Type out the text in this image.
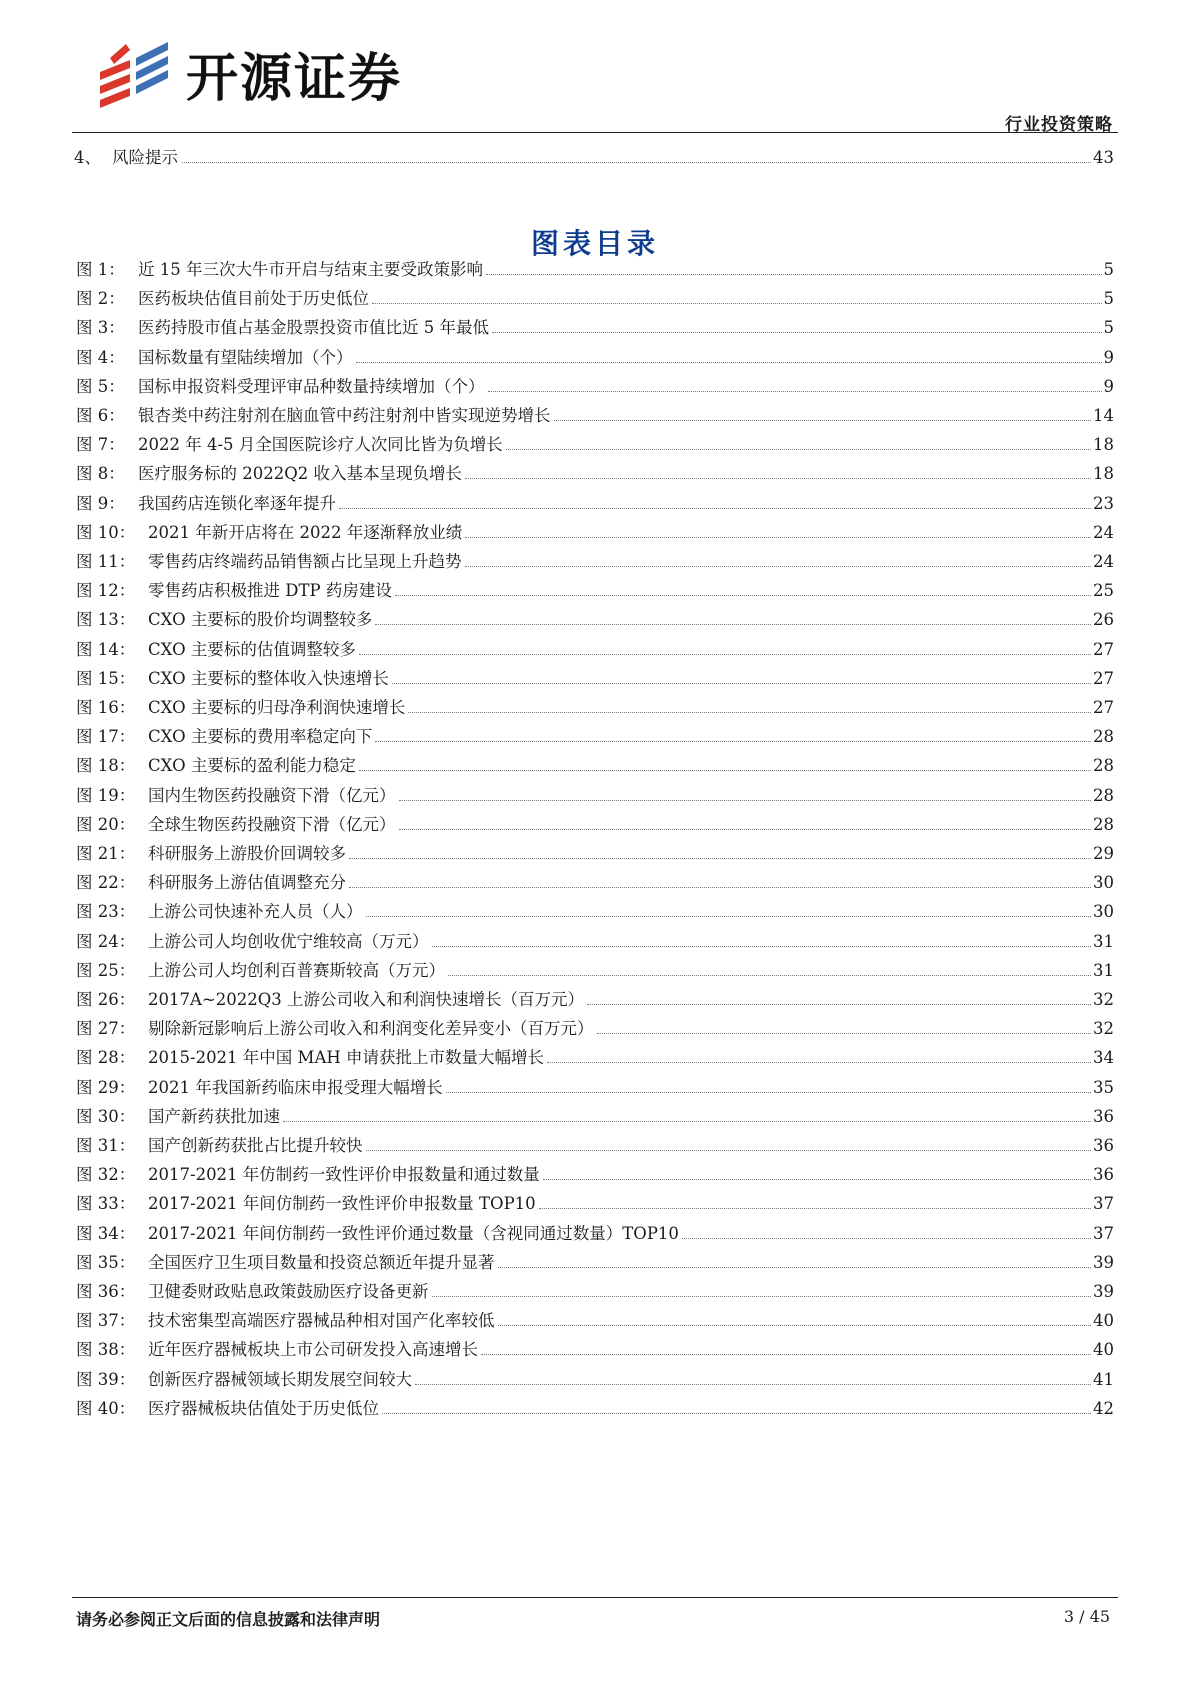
开源证券
行业投资策略
4、 风险提示	43
图表目录
图 1： 近 15 年三次大牛市开启与结束主要受政策影响	5
图 2： 医药板块估值目前处于历史低位	5
图 3： 医药持股市值占基金股票投资市值比近 5 年最低	5
图 4： 国标数量有望陆续增加（个）	9
图 5： 国标申报资料受理评审品种数量持续增加（个）	9
图 6： 银杏类中药注射剂在脑血管中药注射剂中皆实现逆势增长	14
图 7： 2022 年 4-5 月全国医院诊疗人次同比皆为负增长	18
图 8： 医疗服务标的 2022Q2 收入基本呈现负增长	18
图 9： 我国药店连锁化率逐年提升	23
图 10： 2021 年新开店将在 2022 年逐渐释放业绩	24
图 11： 零售药店终端药品销售额占比呈现上升趋势	24
图 12： 零售药店积极推进 DTP 药房建设	25
图 13： CXO 主要标的股价均调整较多	26
图 14： CXO 主要标的估值调整较多	27
图 15： CXO 主要标的整体收入快速增长	27
图 16： CXO 主要标的归母净利润快速增长	27
图 17： CXO 主要标的费用率稳定向下	28
图 18： CXO 主要标的盈利能力稳定	28
图 19： 国内生物医药投融资下滑（亿元）	28
图 20： 全球生物医药投融资下滑（亿元）	28
图 21： 科研服务上游股价回调较多	29
图 22： 科研服务上游估值调整充分	30
图 23： 上游公司快速补充人员（人）	30
图 24： 上游公司人均创收优宁维较高（万元）	31
图 25： 上游公司人均创利百普赛斯较高（万元）	31
图 26： 2017A~2022Q3 上游公司收入和利润快速增长（百万元）	32
图 27： 剔除新冠影响后上游公司收入和利润变化差异变小（百万元）	32
图 28： 2015-2021 年中国 MAH 申请获批上市数量大幅增长	34
图 29： 2021 年我国新药临床申报受理大幅增长	35
图 30： 国产新药获批加速	36
图 31： 国产创新药获批占比提升较快	36
图 32： 2017-2021 年仿制药一致性评价申报数量和通过数量	36
图 33： 2017-2021 年间仿制药一致性评价申报数量 TOP10	37
图 34： 2017-2021 年间仿制药一致性评价通过数量（含视同通过数量）TOP10	37
图 35： 全国医疗卫生项目数量和投资总额近年提升显著	39
图 36： 卫健委财政贴息政策鼓励医疗设备更新	39
图 37： 技术密集型高端医疗器械品种相对国产化率较低	40
图 38： 近年医疗器械板块上市公司研发投入高速增长	40
图 39： 创新医疗器械领域长期发展空间较大	41
图 40： 医疗器械板块估值处于历史低位	42
请务必参阅正文后面的信息披露和法律声明	3 / 45
